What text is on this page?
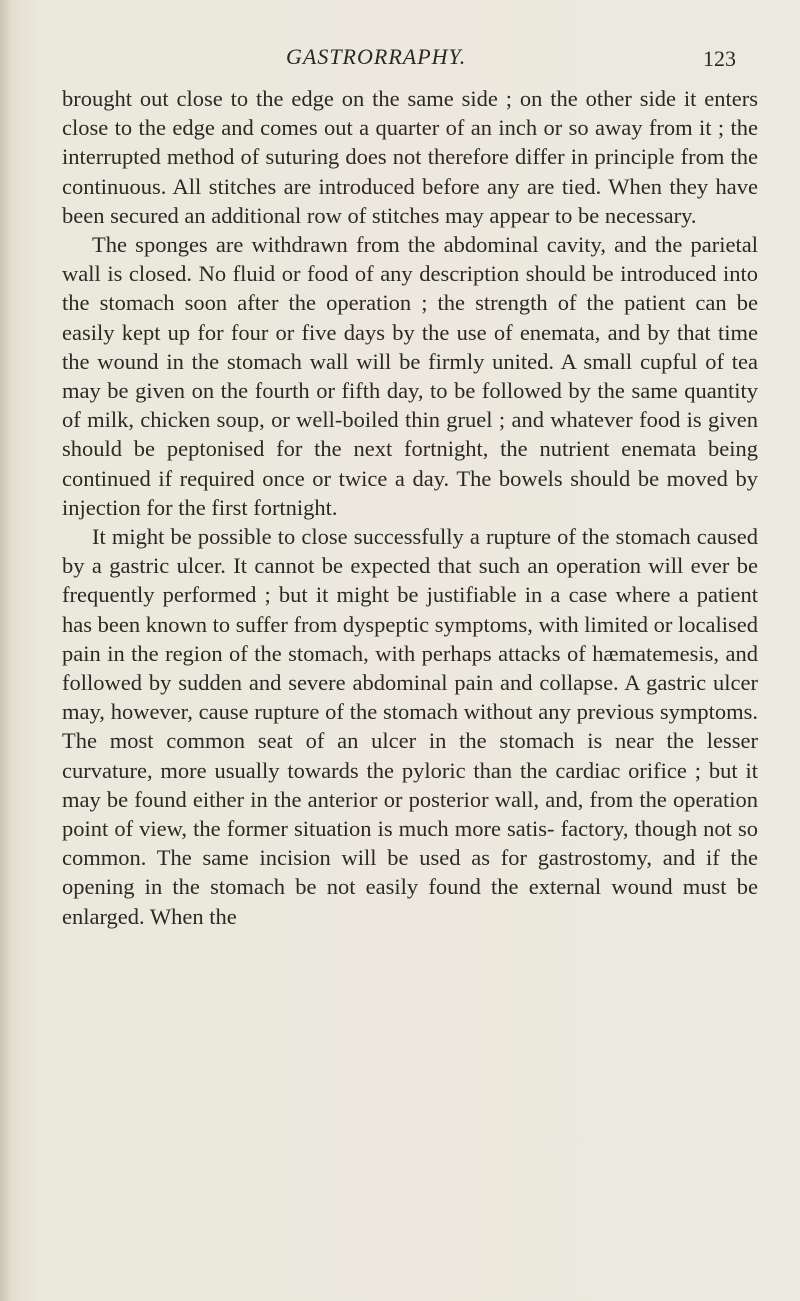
GASTRORRAPHY.	123

brought out close to the edge on the same side ; on the other side it enters close to the edge and comes out a quarter of an inch or so away from it ; the interrupted method of suturing does not therefore differ in principle from the continuous. All stitches are introduced before any are tied. When they have been secured an additional row of stitches may appear to be necessary.

The sponges are withdrawn from the abdominal cavity, and the parietal wall is closed. No fluid or food of any description should be introduced into the stomach soon after the operation ; the strength of the patient can be easily kept up for four or five days by the use of enemata, and by that time the wound in the stomach wall will be firmly united. A small cupful of tea may be given on the fourth or fifth day, to be followed by the same quantity of milk, chicken soup, or well-boiled thin gruel ; and whatever food is given should be peptonised for the next fortnight, the nutrient enemata being continued if required once or twice a day. The bowels should be moved by injection for the first fortnight.

It might be possible to close successfully a rupture of the stomach caused by a gastric ulcer. It cannot be expected that such an operation will ever be frequently performed ; but it might be justifiable in a case where a patient has been known to suffer from dyspeptic symptoms, with limited or localised pain in the region of the stomach, with perhaps attacks of hæmatemesis, and followed by sudden and severe abdominal pain and collapse. A gastric ulcer may, however, cause rupture of the stomach without any previous symptoms. The most common seat of an ulcer in the stomach is near the lesser curvature, more usually towards the pyloric than the cardiac orifice ; but it may be found either in the anterior or posterior wall, and, from the operation point of view, the former situation is much more satis- factory, though not so common. The same incision will be used as for gastrostomy, and if the opening in the stomach be not easily found the external wound must be enlarged. When the
